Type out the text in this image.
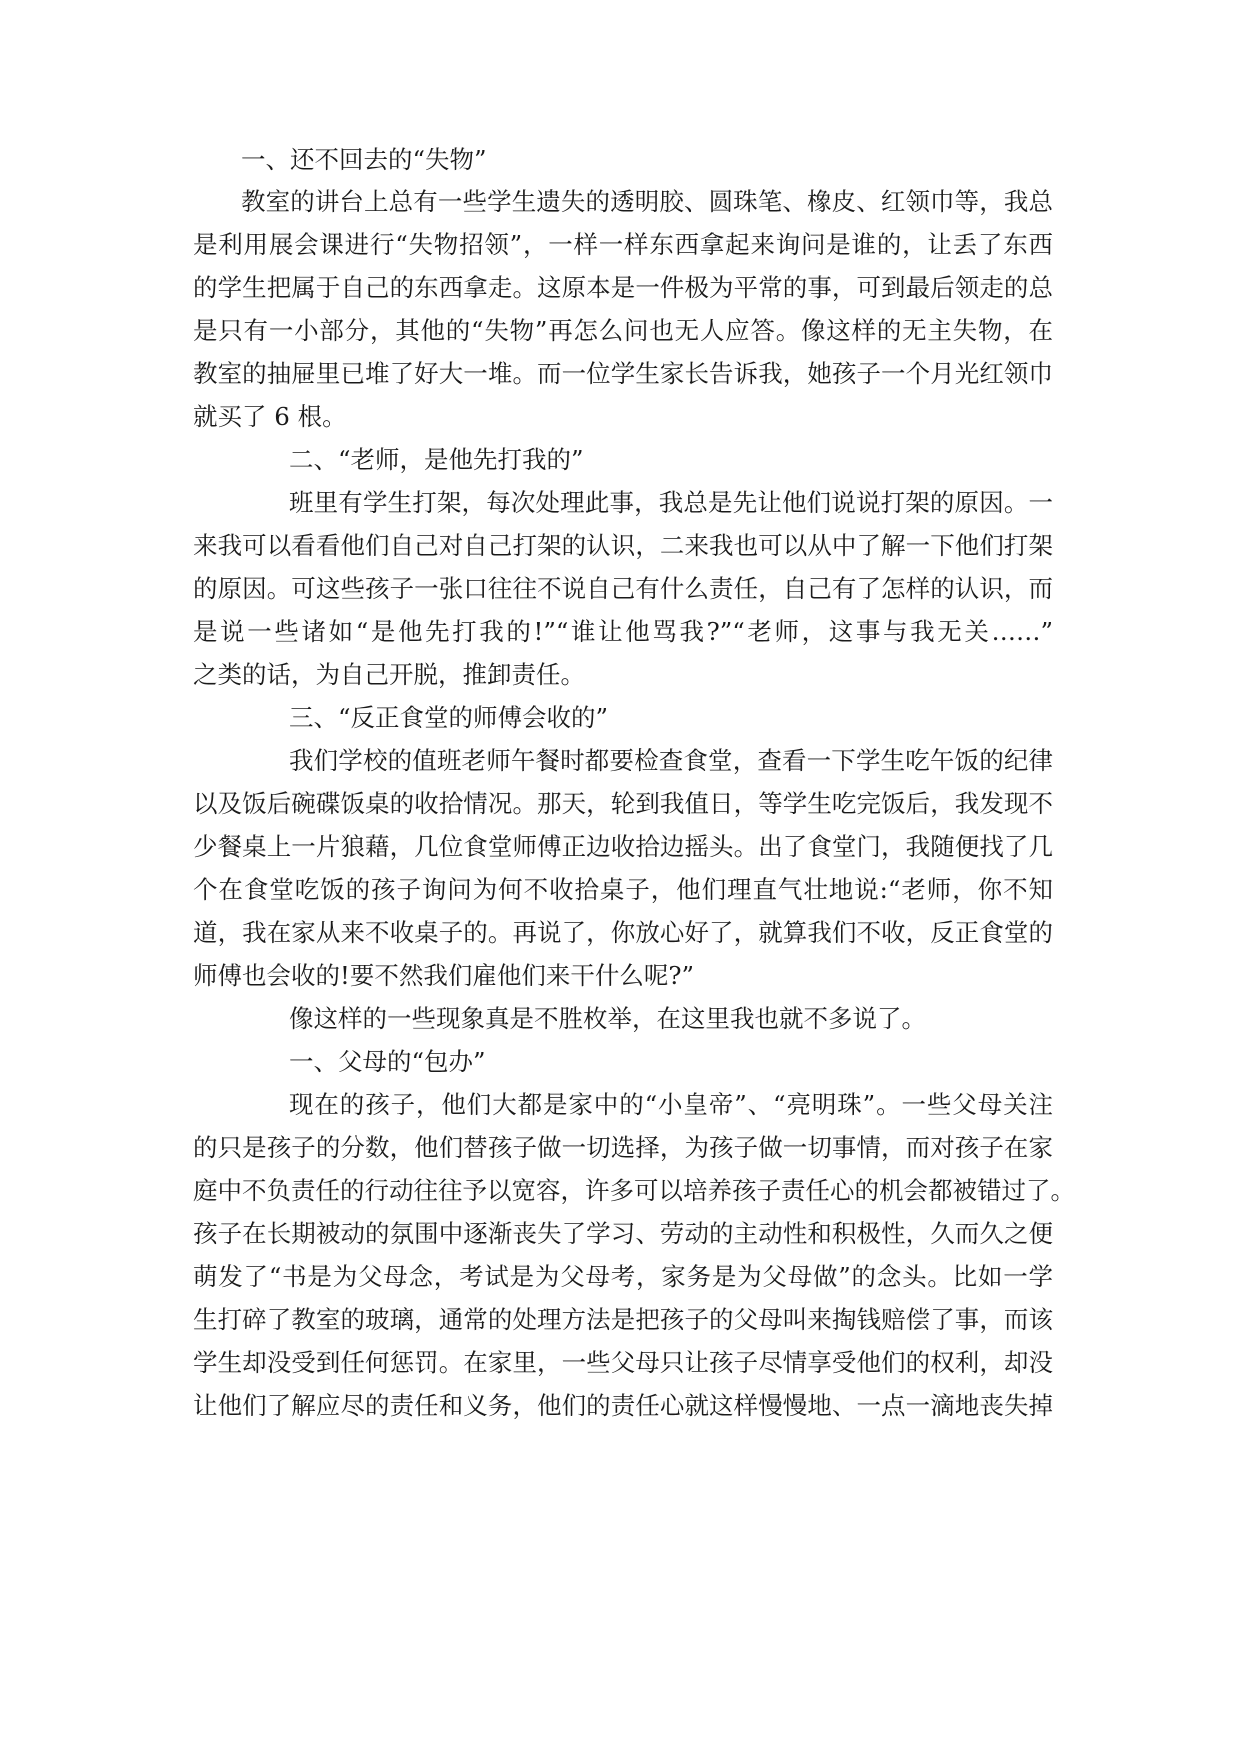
一、还不回去的“失物”
教室的讲台上总有一些学生遗失的透明胶、圆珠笔、橡皮、红领巾等，我总
是利用展会课进行“失物招领”，一样一样东西拿起来询问是谁的，让丢了东西
的学生把属于自己的东西拿走。这原本是一件极为平常的事，可到最后领走的总
是只有一小部分，其他的“失物”再怎么问也无人应答。像这样的无主失物，在
教室的抽屉里已堆了好大一堆。而一位学生家长告诉我，她孩子一个月光红领巾
就买了 6 根。
二、“老师，是他先打我的”
班里有学生打架，每次处理此事，我总是先让他们说说打架的原因。一
来我可以看看他们自己对自己打架的认识，二来我也可以从中了解一下他们打架
的原因。可这些孩子一张口往往不说自己有什么责任，自己有了怎样的认识，而
是说一些诸如“是他先打我的!”“谁让他骂我?”“老师，这事与我无关……”
之类的话，为自己开脱，推卸责任。
三、“反正食堂的师傅会收的”
我们学校的值班老师午餐时都要检查食堂，查看一下学生吃午饭的纪律
以及饭后碗碟饭桌的收拾情况。那天，轮到我值日，等学生吃完饭后，我发现不
少餐桌上一片狼藉，几位食堂师傅正边收拾边摇头。出了食堂门，我随便找了几
个在食堂吃饭的孩子询问为何不收拾桌子，他们理直气壮地说:“老师，你不知
道，我在家从来不收桌子的。再说了，你放心好了，就算我们不收，反正食堂的
师傅也会收的!要不然我们雇他们来干什么呢?”
像这样的一些现象真是不胜枚举，在这里我也就不多说了。
一、父母的“包办”
现在的孩子，他们大都是家中的“小皇帝”、“亮明珠”。一些父母关注
的只是孩子的分数，他们替孩子做一切选择，为孩子做一切事情，而对孩子在家
庭中不负责任的行动往往予以宽容，许多可以培养孩子责任心的机会都被错过了。
孩子在长期被动的氛围中逐渐丧失了学习、劳动的主动性和积极性，久而久之便
萌发了“书是为父母念，考试是为父母考，家务是为父母做”的念头。比如一学
生打碎了教室的玻璃，通常的处理方法是把孩子的父母叫来掏钱赔偿了事，而该
学生却没受到任何惩罚。在家里，一些父母只让孩子尽情享受他们的权利，却没
让他们了解应尽的责任和义务，他们的责任心就这样慢慢地、一点一滴地丧失掉
